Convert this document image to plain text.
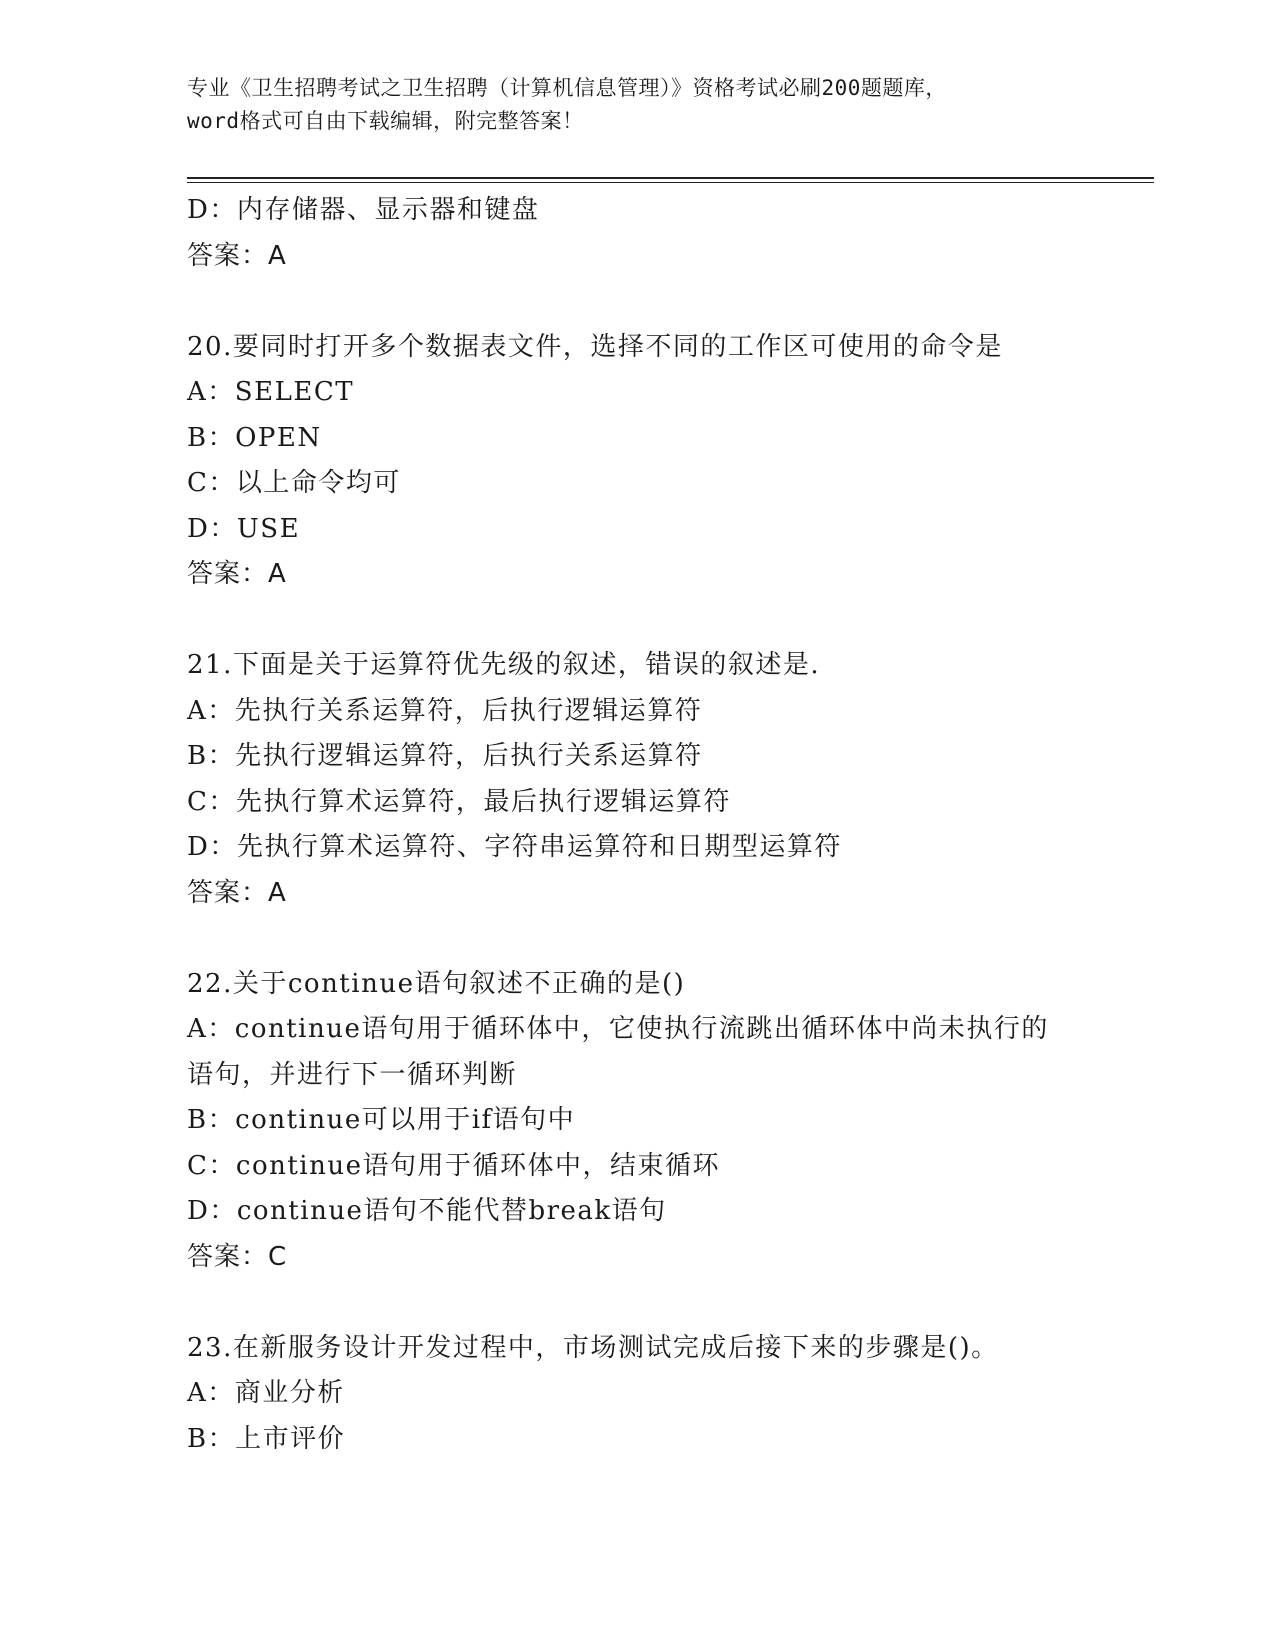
专业《卫生招聘考试之卫生招聘（计算机信息管理）》资格考试必刷200题题库，
word格式可自由下载编辑，附完整答案！
D：内存储器、显示器和键盘
答案：A
20.要同时打开多个数据表文件，选择不同的工作区可使用的命令是
A：SELECT
B：OPEN
C：以上命令均可
D：USE
答案：A
21.下面是关于运算符优先级的叙述，错误的叙述是.
A：先执行关系运算符，后执行逻辑运算符
B：先执行逻辑运算符，后执行关系运算符
C：先执行算术运算符，最后执行逻辑运算符
D：先执行算术运算符、字符串运算符和日期型运算符
答案：A
22.关于continue语句叙述不正确的是()
A：continue语句用于循环体中，它使执行流跳出循环体中尚未执行的
语句，并进行下一循环判断
B：continue可以用于if语句中
C：continue语句用于循环体中，结束循环
D：continue语句不能代替break语句
答案：C
23.在新服务设计开发过程中，市场测试完成后接下来的步骤是()。
A：商业分析
B：上市评价
